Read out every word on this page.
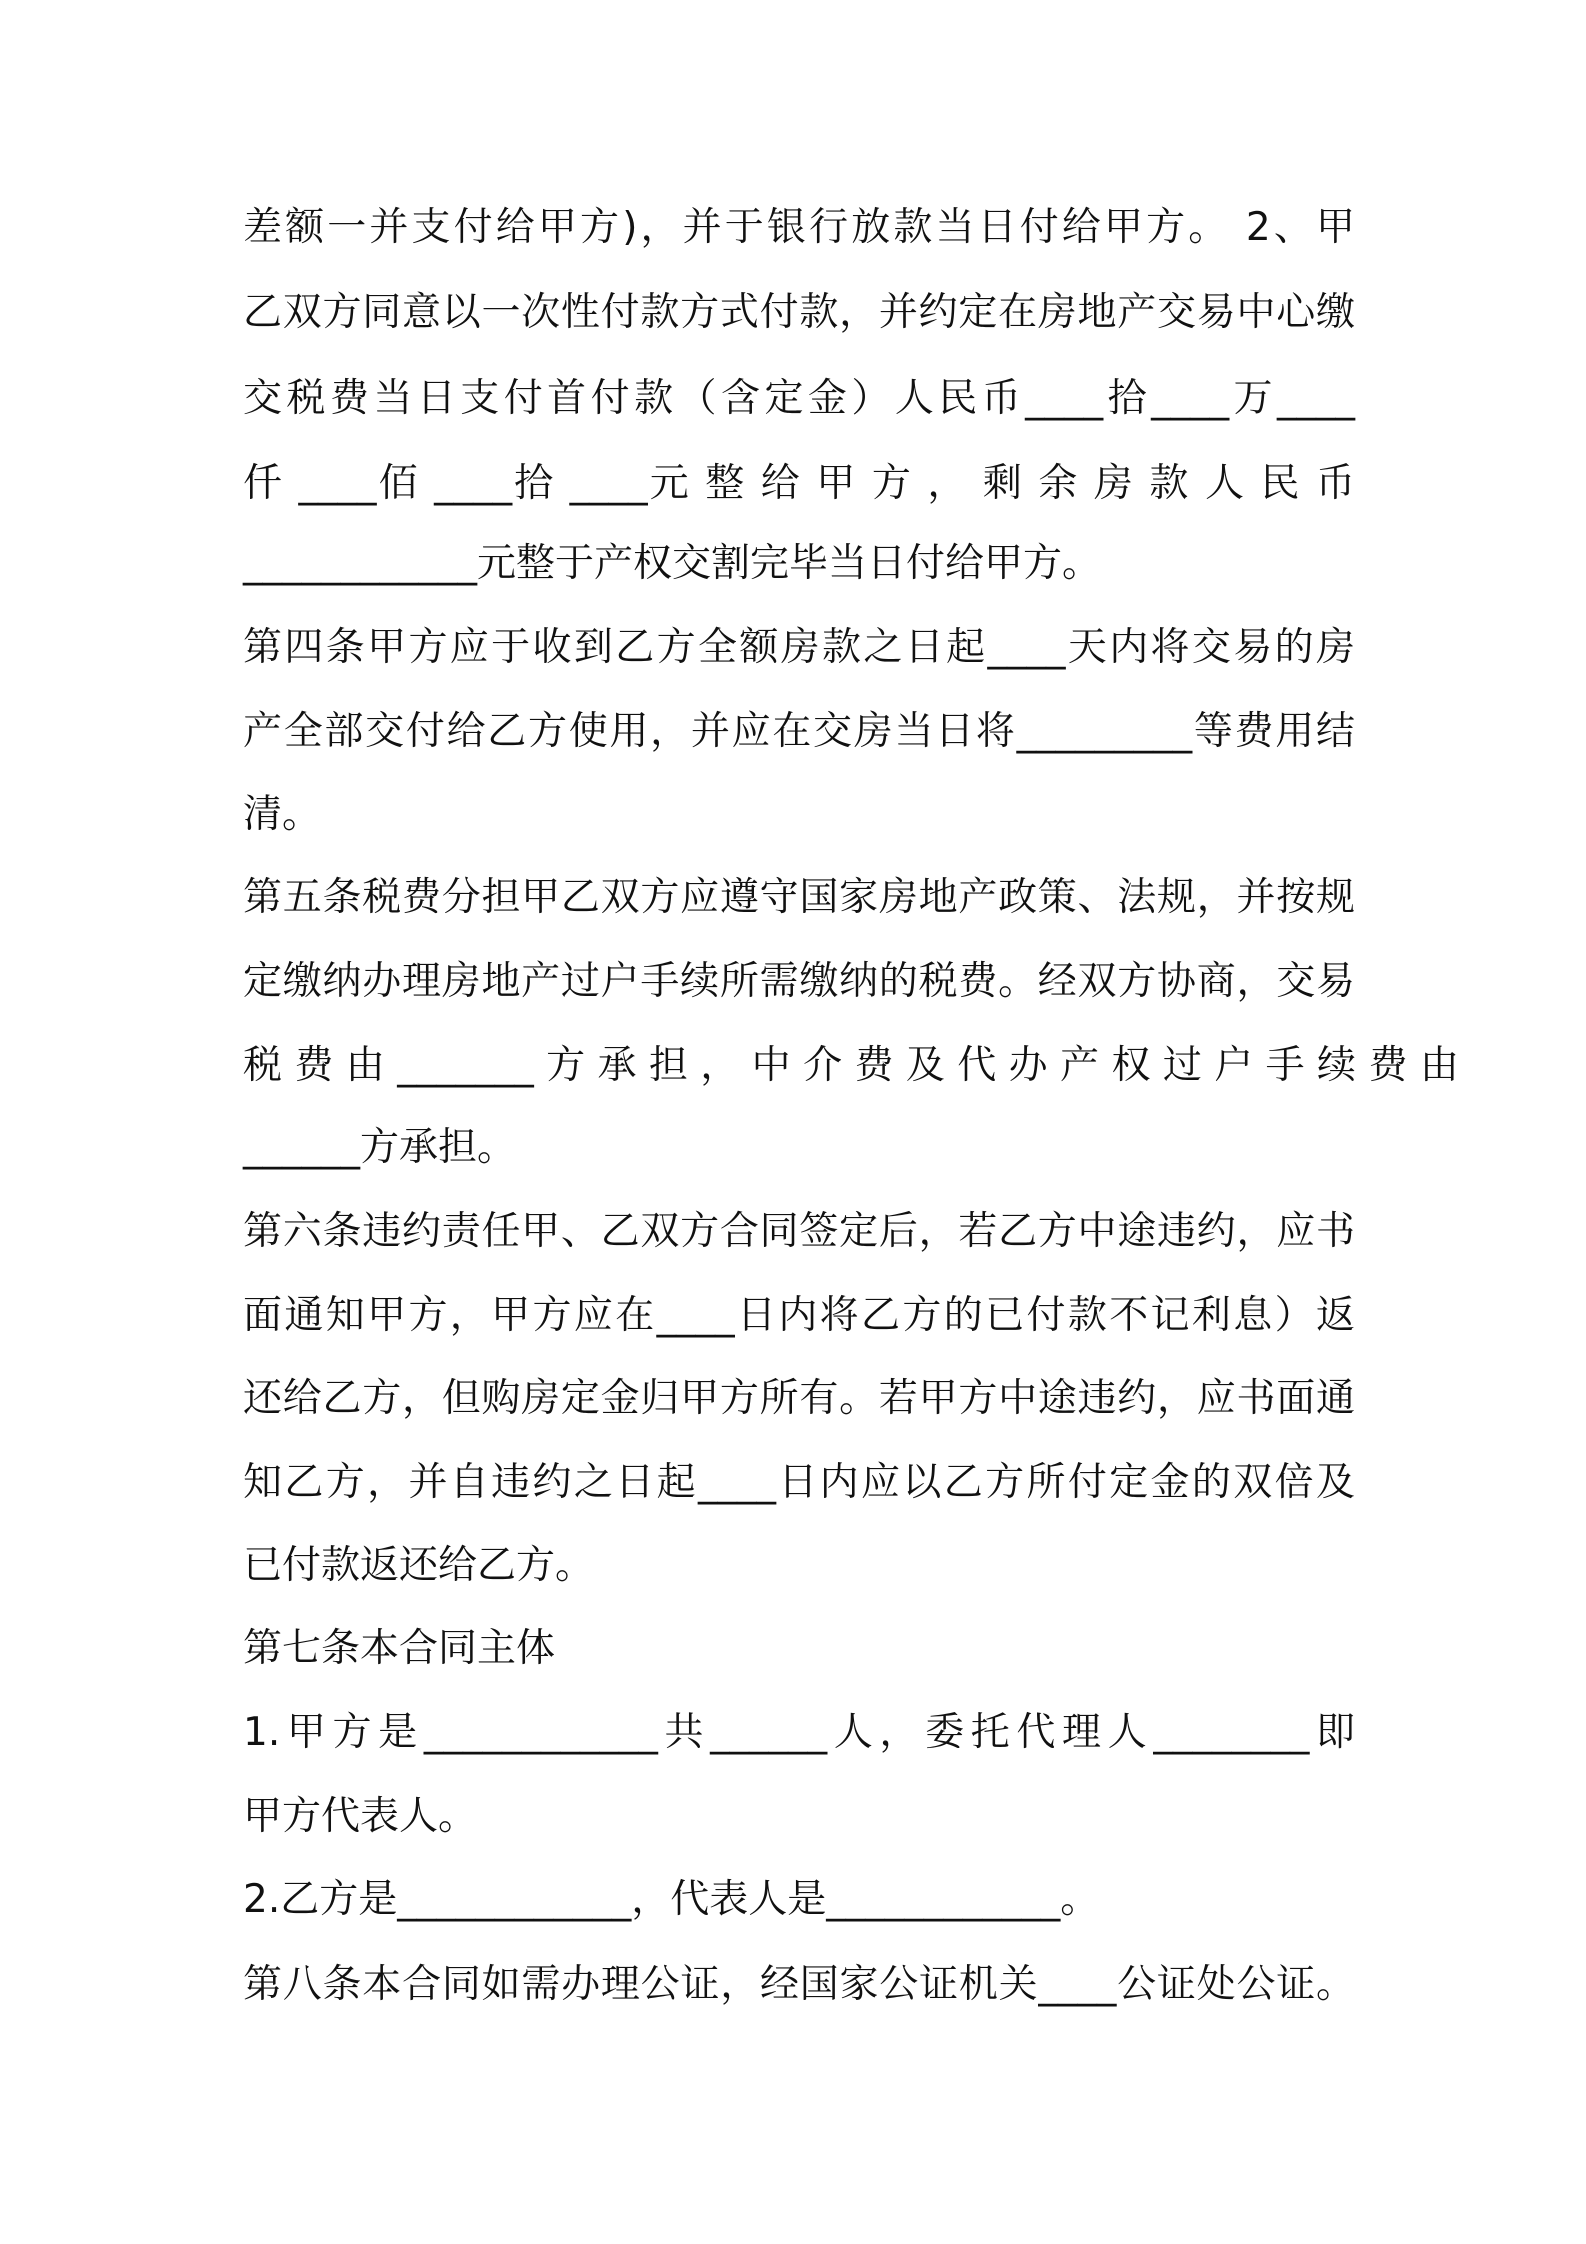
差额一并支付给甲方)，并于银行放款当日付给甲方。 2、甲
乙双方同意以一次性付款方式付款，并约定在房地产交易中心缴
交税费当日支付首付款（含定金）人民币____拾____万____
仟 ____佰 ____拾 ____元 整 给 甲 方 ， 剩 余 房 款 人 民 币
____________元整于产权交割完毕当日付给甲方。
第四条甲方应于收到乙方全额房款之日起____天内将交易的房
产全部交付给乙方使用，并应在交房当日将_________等费用结
清。
第五条税费分担甲乙双方应遵守国家房地产政策、法规，并按规
定缴纳办理房地产过户手续所需缴纳的税费。经双方协商，交易
税 费 由 _______ 方 承 担 ， 中 介 费 及 代 办 产 权 过 户 手 续 费 由
______方承担。
第六条违约责任甲、乙双方合同签定后，若乙方中途违约，应书
面通知甲方，甲方应在____日内将乙方的已付款不记利息）返
还给乙方，但购房定金归甲方所有。若甲方中途违约，应书面通
知乙方，并自违约之日起____日内应以乙方所付定金的双倍及
已付款返还给乙方。
第七条本合同主体
1.甲方是____________共______人，委托代理人________即
甲方代表人。
2.乙方是____________，代表人是____________。
第八条本合同如需办理公证，经国家公证机关____公证处公证。
